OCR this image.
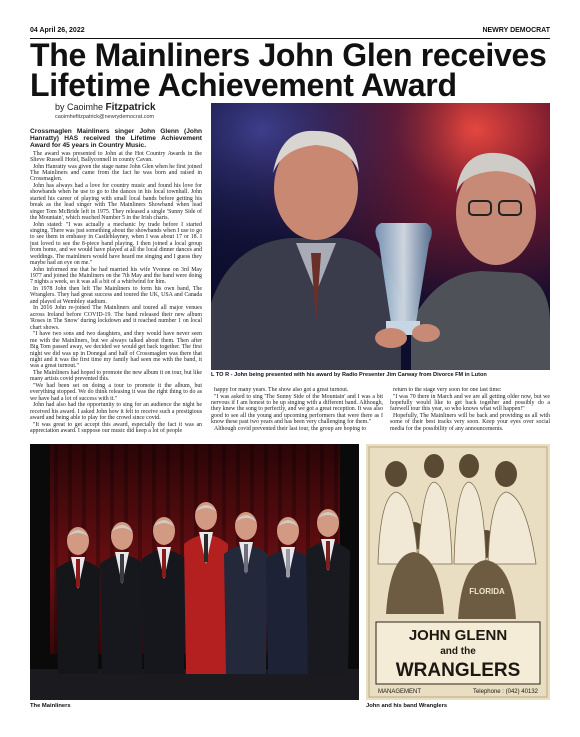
04 April 26, 2022	NEWRY DEMOCRAT
The Mainliners John Glen receives Lifetime Achievement Award
by Caoimhe Fitzpatrick
caoimhefitzpatrick@newrydemocrat.com

Crossmaglen Mainliners singer John Glenn (John Hanratty) HAS received the Lifetime Achievement Award for 45 years in Country Music.

The award was presented to John at the Hot Country Awards in the Slieve Russell Hotel, Ballyconnell in county Cavan.

John Hanratty was given the stage name John Glen when he first joined The Mainliners and came from the fact he was born and raised in Crossmaglen.

John has always had a love for country music and found his love for showbands when he use to go to the dances in his local townhall. John started his career of playing with small local bands before getting his break as the lead singer with The Mainliners Showband when lead singer Tom McBride left in 1975. They released a single 'Sunny Side of the Mountain', which reached Number 5 in the Irish charts.

John stated: "I was actually a mechanic by trade before I started singing. There was just something about the showbands when I use to go to see them in embassy in Castleblayney, when I was about 17 or 18. I just loved to see the 8-piece band playing. I then joined a local group from home, and we would have played at all the local dinner dances and weddings. The mainliners would have heard me singing and I guess they maybe had an eye on me."

John informed me that he had married his wife Yvonne on 3rd May 1977 and joined the Mainliners on the 7th May and the band were doing 7 nights a week, so it was all a bit of a whirlwind for him.

In 1978 John then left The Mainliners to form his own band, The Wranglers. They had great success and toured the UK, USA and Canada and played at Wembley stadium.

In 2016 John re-joined The Mainliners and toured all major venues across Ireland before COVID-19. The band released their new album 'Roses in The Snow' during lockdown and it reached number 1 on local chart shows.

"I have two sons and two daughters, and they would have never seen me with the Mainliners, but we always talked about them. Then after Big Tom passed away, we decided we would get back together. The first night we did was up in Donegal and half of Crossmaglen was there that night and it was the first time my family had seen me with the band, it was a great turnout."

The Mainliners had hoped to promote the new album it on tour, but like many artists covid prevented this.

"We had been set on doing a tour to promote it the album, but everything stopped. We do think releasing it was the right thing to do as we have had a lot of success with it."

John had also had the opportunity to sing for an audience the night he received his award. I asked John how it felt to receive such a prestigious award and being able to play for the crowd since covid.

"It was great to get accept this award, especially the fact it was an appreciation award. I suppose our music did keep a lot of people

L TO R - John being presented with his award by Radio Presenter Jim Carway from Divorce FM in Luton

happy for many years. The show also got a great turnout.

"I was asked to sing 'The Sunny Side of the Mountain' and I was a bit nervous if I am honest to be up singing with a different band. Although, they knew the song to perfectly, and we got a great reception. It was also good to see all the young and upcoming performers that were there as I know these past two years and has been very challenging for them."

Although covid prevented their last tour, the group are hoping to

return to the stage very soon for one last time:

"I was 70 there in March and we are all getting older now, but we hopefully would like to get back together and possibly do a farewell tour this year, so who knows what will happen!"

Hopefully, The Mainliners will be back and providing us all with some of their best tracks very soon. Keep your eyes over social media for the possibility of any announcements.

The Mainliners
FLORIDA
JOHN GLENN
and the
WRANGLERS
MANAGEMENT	Telephone : (042) 40132
John and his band Wranglers
